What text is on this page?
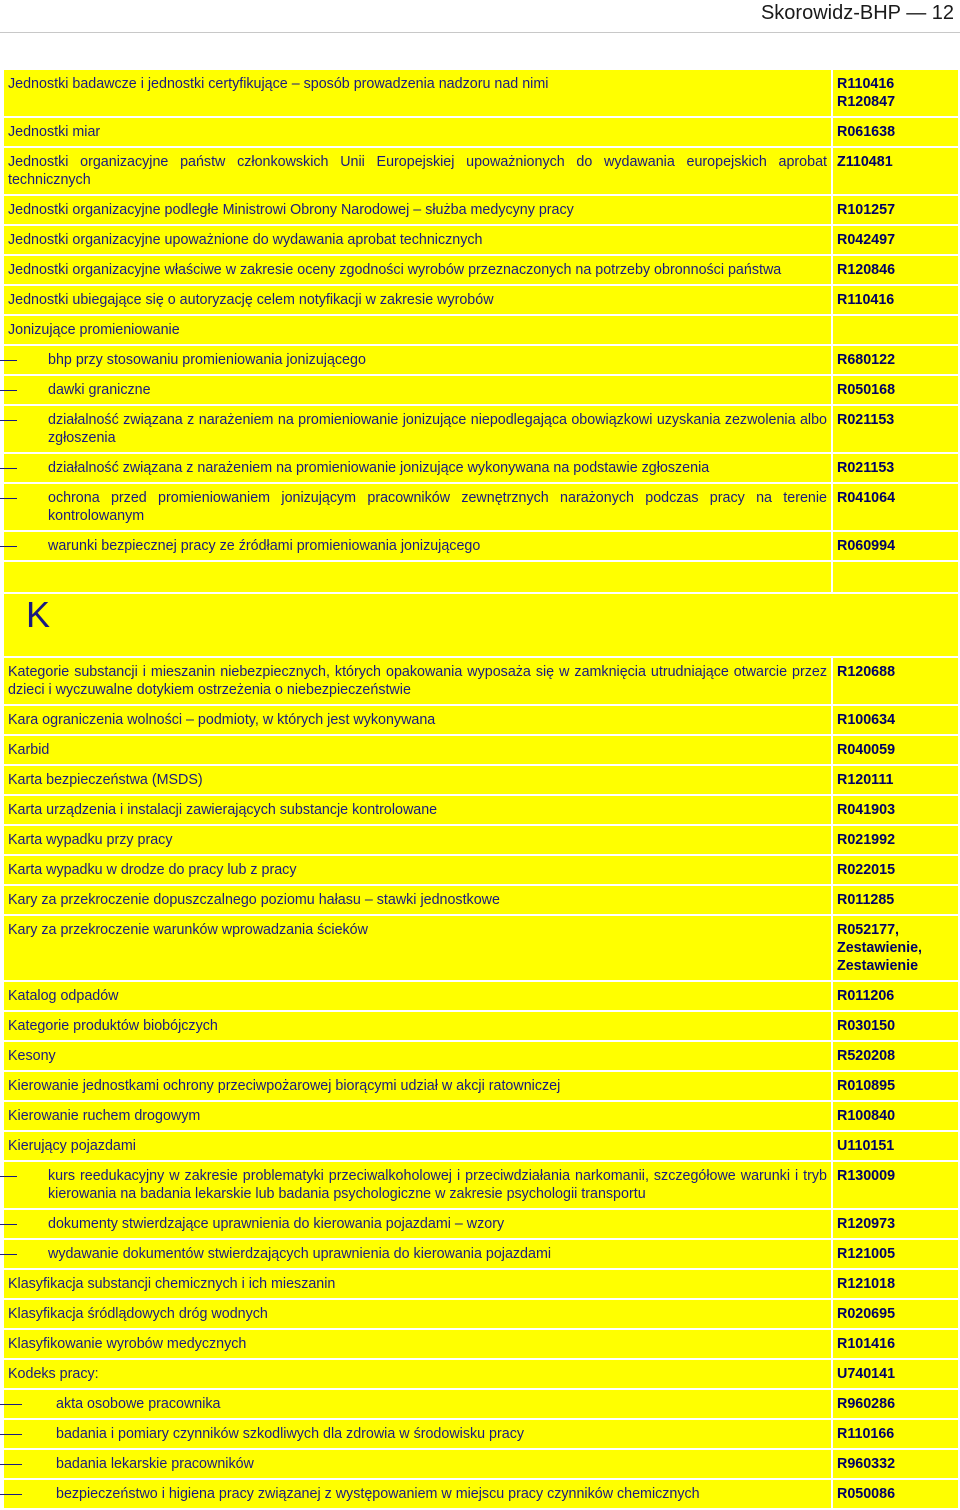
Skorowidz-BHP — 12
Jednostki badawcze i jednostki certyfikujące – sposób prowadzenia nadzoru nad nimi	R110416 R120847
Jednostki miar	R061638
Jednostki organizacyjne państw członkowskich Unii Europejskiej upoważnionych do wydawania europejskich aprobat technicznych	Z110481
Jednostki organizacyjne podległe Ministrowi Obrony Narodowej – służba medycyny pracy	R101257
Jednostki organizacyjne upoważnione do wydawania aprobat technicznych	R042497
Jednostki organizacyjne właściwe w zakresie oceny zgodności wyrobów przeznaczonych na potrzeby obronności państwa	R120846
Jednostki ubiegające się o autoryzację celem notyfikacji w zakresie wyrobów	R110416
Jonizujące promieniowanie	

bhp przy stosowaniu promieniowania jonizującego	R680122

dawki graniczne	R050168

działalność związana z narażeniem na promieniowanie jonizujące niepodlegająca obowiązkowi uzyskania zezwolenia albo zgłoszenia	R021153

działalność związana z narażeniem na promieniowanie jonizujące wykonywana na podstawie zgłoszenia	R021153

ochrona przed promieniowaniem jonizującym pracowników zewnętrznych narażonych podczas pracy na terenie kontrolowanym	R041064

warunki bezpiecznej pracy ze źródłami promieniowania jonizującego	R060994

K	

Kategorie substancji i mieszanin niebezpiecznych, których opakowania wyposaża się w zamknięcia utrudniające otwarcie przez dzieci i wyczuwalne dotykiem ostrzeżenia o niebezpieczeństwie	R120688
Kara ograniczenia wolności – podmioty, w których jest wykonywana	R100634
Karbid	R040059
Karta bezpieczeństwa (MSDS)	R120111
Karta urządzenia i instalacji zawierających substancje kontrolowane	R041903
Karta wypadku przy pracy	R021992
Karta wypadku w drodze do pracy lub z pracy	R022015
Kary za przekroczenie dopuszczalnego poziomu hałasu – stawki jednostkowe	R011285
Kary za przekroczenie warunków wprowadzania ścieków	R052177, Zestawienie, Zestawienie
Katalog odpadów	R011206
Kategorie produktów biobójczych	R030150
Kesony	R520208
Kierowanie jednostkami ochrony przeciwpożarowej biorącymi udział w akcji ratowniczej	R010895
Kierowanie ruchem drogowym	R100840
Kierujący pojazdami	U110151

kurs reedukacyjny w zakresie problematyki przeciwalkoholowej i przeciwdziałania narkomanii, szczegółowe warunki i tryb kierowania na badania lekarskie lub badania psychologiczne w zakresie psychologii transportu	R130009

dokumenty stwierdzające uprawnienia do kierowania pojazdami – wzory	R120973

wydawanie dokumentów stwierdzających uprawnienia do kierowania pojazdami	R121005
Klasyfikacja substancji chemicznych i ich mieszanin	R121018
Klasyfikacja śródlądowych dróg wodnych	R020695
Klasyfikowanie wyrobów medycznych	R101416
Kodeks pracy:	U740141

akta osobowe pracownika	R960286

badania i pomiary czynników szkodliwych dla zdrowia w środowisku pracy	R110166

badania lekarskie pracowników	R960332

bezpieczeństwo i higiena pracy związanej z występowaniem w miejscu pracy czynników chemicznych	R050086
